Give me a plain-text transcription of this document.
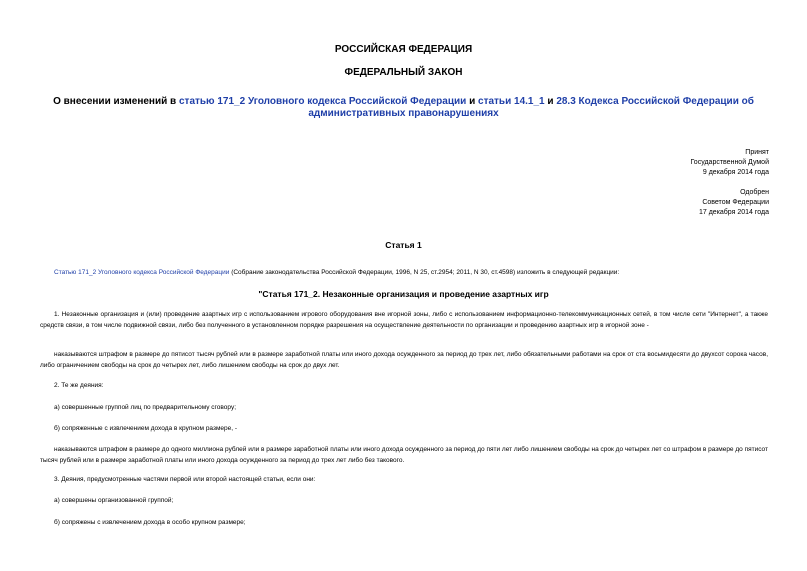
РОССИЙСКАЯ ФЕДЕРАЦИЯ
ФЕДЕРАЛЬНЫЙ ЗАКОН
О внесении изменений в статью 171_2 Уголовного кодекса Российской Федерации и статьи 14.1_1 и 28.3 Кодекса Российской Федерации об административных правонарушениях
Принят
Государственной Думой
9 декабря 2014 года
Одобрен
Советом Федерации
17 декабря 2014 года
Статья 1
Статью 171_2 Уголовного кодекса Российской Федерации (Собрание законодательства Российской Федерации, 1996, N 25, ст.2954; 2011, N 30, ст.4598) изложить в следующей редакции:
"Статья 171_2. Незаконные организация и проведение азартных игр
1. Незаконные организация и (или) проведение азартных игр с использованием игрового оборудования вне игорной зоны, либо с использованием информационно-телекоммуникационных сетей, в том числе сети "Интернет", а также средств связи, в том числе подвижной связи, либо без полученного в установленном порядке разрешения на осуществление деятельности по организации и проведению азартных игр в игорной зоне -
наказываются штрафом в размере до пятисот тысяч рублей или в размере заработной платы или иного дохода осужденного за период до трех лет, либо обязательными работами на срок от ста восьмидесяти до двухсот сорока часов, либо ограничением свободы на срок до четырех лет, либо лишением свободы на срок до двух лет.
2. Те же деяния:
а) совершенные группой лиц по предварительному сговору;
б) сопряженные с извлечением дохода в крупном размере, -
наказываются штрафом в размере до одного миллиона рублей или в размере заработной платы или иного дохода осужденного за период до пяти лет либо лишением свободы на срок до четырех лет со штрафом в размере до пятисот тысяч рублей или в размере заработной платы или иного дохода осужденного за период до трех лет либо без такового.
3. Деяния, предусмотренные частями первой или второй настоящей статьи, если они:
а) совершены организованной группой;
б) сопряжены с извлечением дохода в особо крупном размере;
